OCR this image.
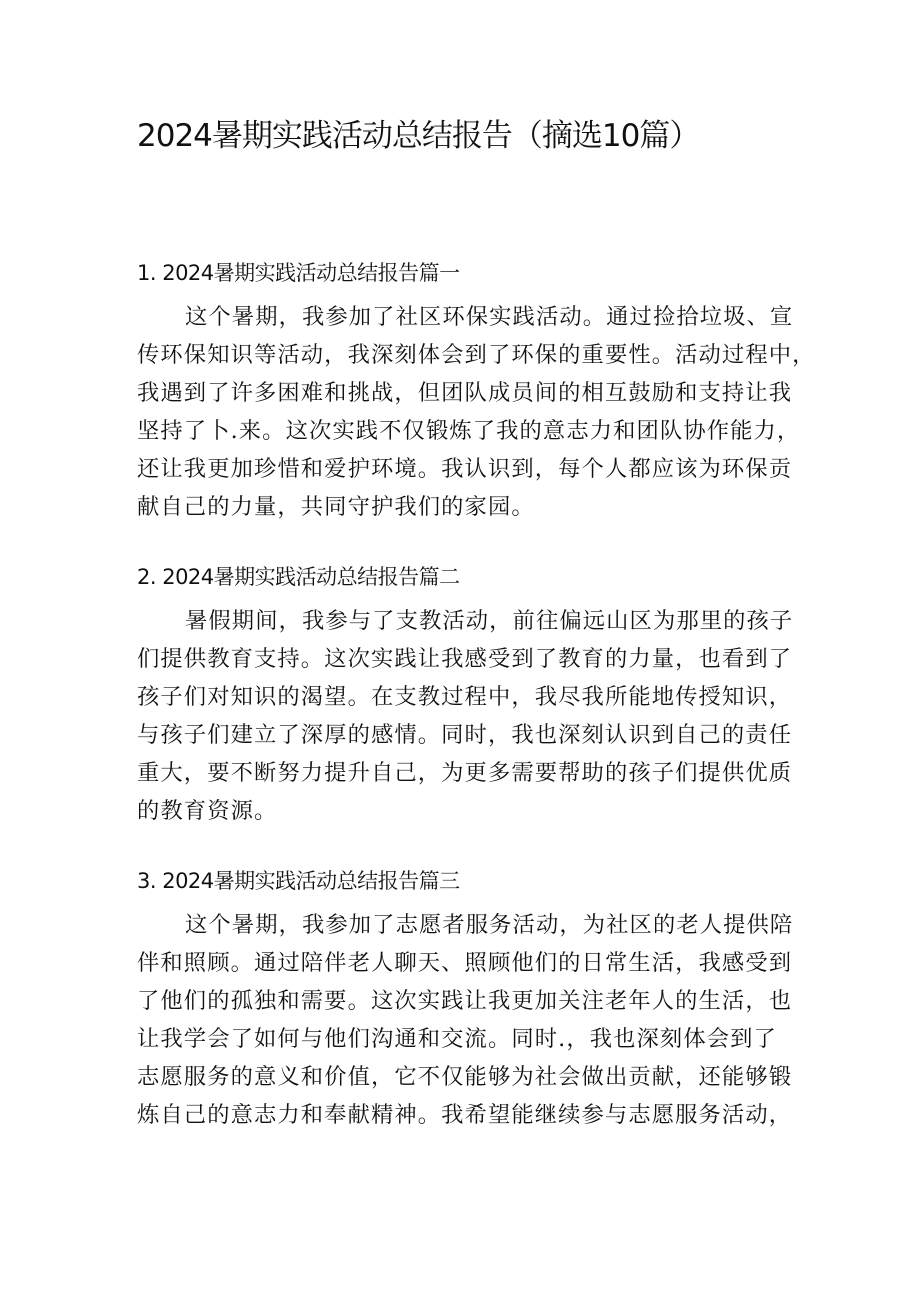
2024暑期实践活动总结报告（摘选10篇）
1. 2024暑期实践活动总结报告篇一
这个暑期，我参加了社区环保实践活动。通过捡拾垃圾、宣
传环保知识等活动，我深刻体会到了环保的重要性。活动过程中，
我遇到了许多困难和挑战，但团队成员间的相互鼓励和支持让我
坚持了卜.来。这次实践不仅锻炼了我的意志力和团队协作能力，
还让我更加珍惜和爱护环境。我认识到，每个人都应该为环保贡
献自己的力量，共同守护我们的家园。
2. 2024暑期实践活动总结报告篇二
暑假期间，我参与了支教活动，前往偏远山区为那里的孩子
们提供教育支持。这次实践让我感受到了教育的力量，也看到了
孩子们对知识的渴望。在支教过程中，我尽我所能地传授知识，
与孩子们建立了深厚的感情。同时，我也深刻认识到自己的责任
重大，要不断努力提升自己，为更多需要帮助的孩子们提供优质
的教育资源。
3. 2024暑期实践活动总结报告篇三
这个暑期，我参加了志愿者服务活动，为社区的老人提供陪
伴和照顾。通过陪伴老人聊天、照顾他们的日常生活，我感受到
了他们的孤独和需要。这次实践让我更加关注老年人的生活，也
让我学会了如何与他们沟通和交流。同时.，我也深刻体会到了
志愿服务的意义和价值，它不仅能够为社会做出贡献，还能够锻
炼自己的意志力和奉献精神。我希望能继续参与志愿服务活动，
